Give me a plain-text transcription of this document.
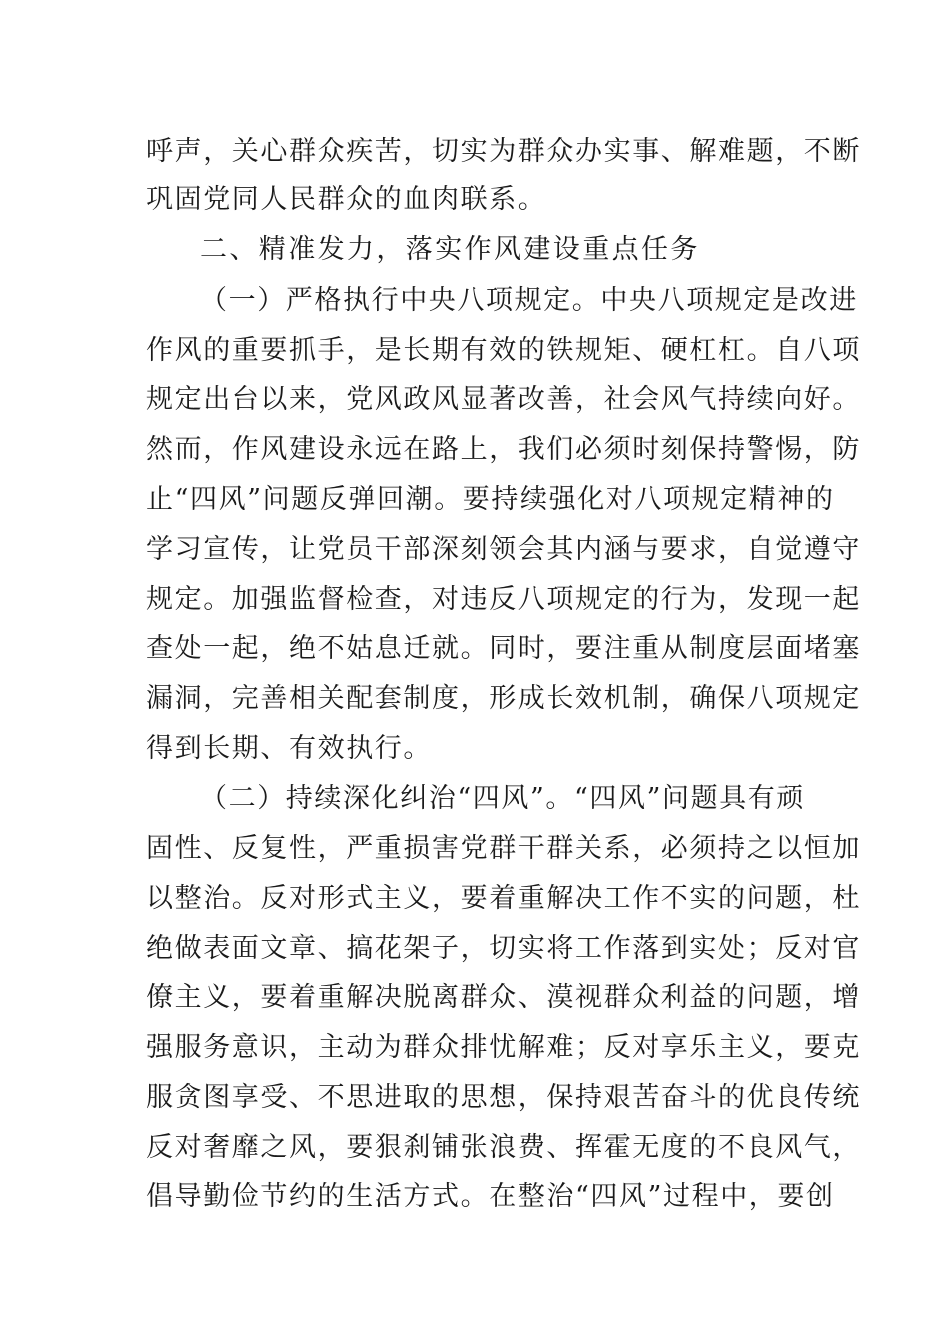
呼声，关心群众疾苦，切实为群众办实事、解难题，不断
巩固党同人民群众的血肉联系。
二、精准发力，落实作风建设重点任务
（一）严格执行中央八项规定。中央八项规定是改进
作风的重要抓手，是长期有效的铁规矩、硬杠杠。自八项
规定出台以来，党风政风显著改善，社会风气持续向好。
然而，作风建设永远在路上，我们必须时刻保持警惕，防
止“四风”问题反弹回潮。要持续强化对八项规定精神的
学习宣传，让党员干部深刻领会其内涵与要求，自觉遵守
规定。加强监督检查，对违反八项规定的行为，发现一起
查处一起，绝不姑息迁就。同时，要注重从制度层面堵塞
漏洞，完善相关配套制度，形成长效机制，确保八项规定
得到长期、有效执行。
（二）持续深化纠治“四风”。“四风”问题具有顽
固性、反复性，严重损害党群干群关系，必须持之以恒加
以整治。反对形式主义，要着重解决工作不实的问题，杜
绝做表面文章、搞花架子，切实将工作落到实处；反对官
僚主义，要着重解决脱离群众、漠视群众利益的问题，增
强服务意识，主动为群众排忧解难；反对享乐主义，要克
服贪图享受、不思进取的思想，保持艰苦奋斗的优良传统
反对奢靡之风，要狠刹铺张浪费、挥霍无度的不良风气，
倡导勤俭节约的生活方式。在整治“四风”过程中，要创
